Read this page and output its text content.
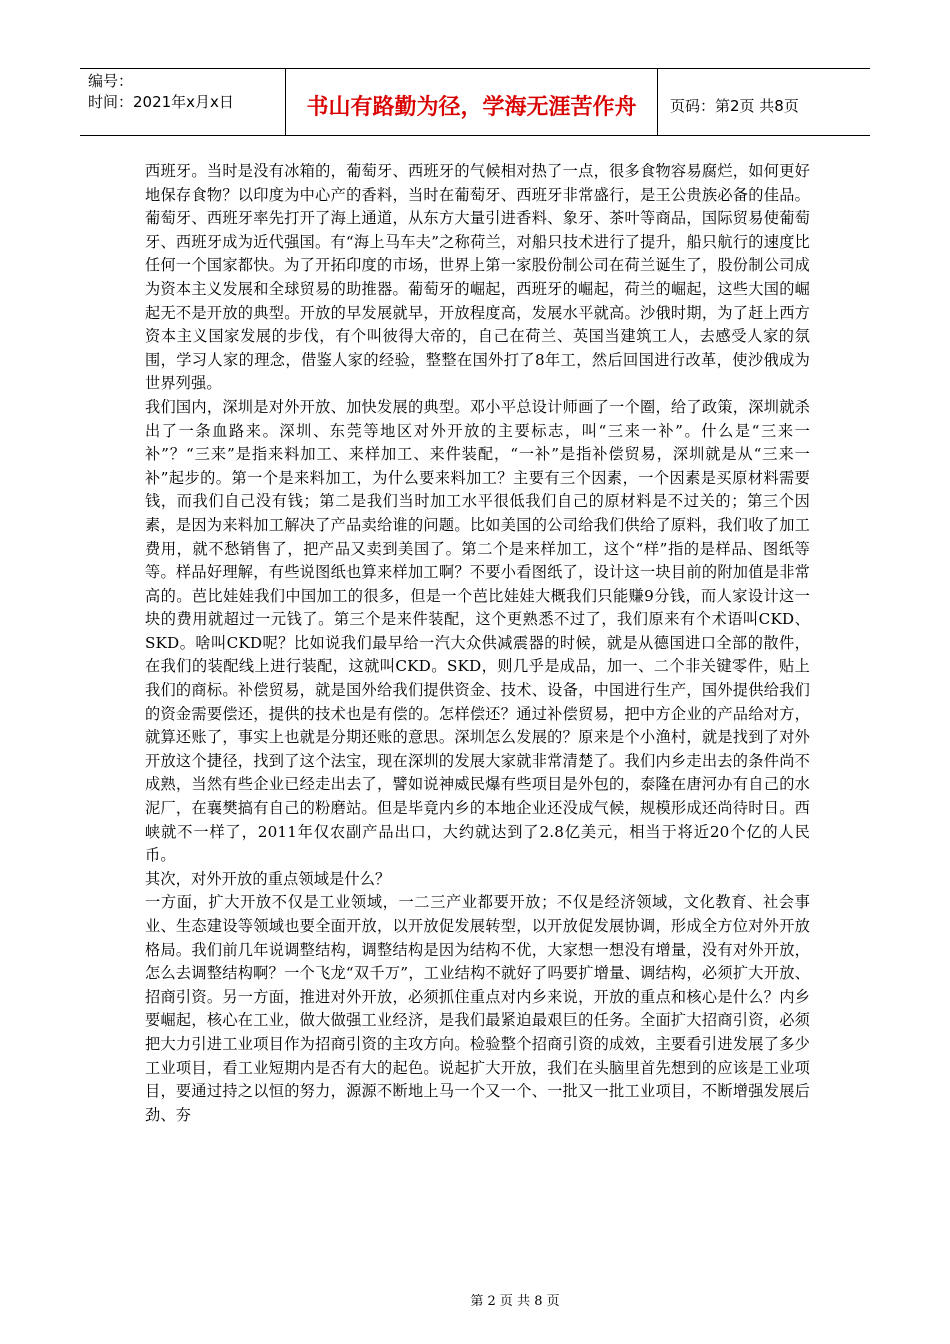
编号：
时间：2021年x月x日	书山有路勤为径，学海无涯苦作舟	页码：第2页 共8页

西班牙。当时是没有冰箱的，葡萄牙、西班牙的气候相对热了一点，很多食物容易腐烂，如何更好地保存食物？以印度为中心产的香料，当时在葡萄牙、西班牙非常盛行，是王公贵族必备的佳品。葡萄牙、西班牙率先打开了海上通道，从东方大量引进香料、象牙、茶叶等商品，国际贸易使葡萄牙、西班牙成为近代强国。有“海上马车夫”之称荷兰，对船只技术进行了提升，船只航行的速度比任何一个国家都快。为了开拓印度的市场，世界上第一家股份制公司在荷兰诞生了，股份制公司成为资本主义发展和全球贸易的助推器。葡萄牙的崛起，西班牙的崛起，荷兰的崛起，这些大国的崛起无不是开放的典型。开放的早发展就早，开放程度高，发展水平就高。沙俄时期，为了赶上西方资本主义国家发展的步伐，有个叫彼得大帝的，自己在荷兰、英国当建筑工人，去感受人家的氛围，学习人家的理念，借鉴人家的经验，整整在国外打了8年工，然后回国进行改革，使沙俄成为世界列强。

我们国内，深圳是对外开放、加快发展的典型。邓小平总设计师画了一个圈，给了政策，深圳就杀出了一条血路来。深圳、东莞等地区对外开放的主要标志，叫“三来一补”。什么是“三来一补”？“三来”是指来料加工、来样加工、来件装配，“一补”是指补偿贸易，深圳就是从“三来一补”起步的。第一个是来料加工，为什么要来料加工？主要有三个因素，一个因素是买原材料需要钱，而我们自己没有钱；第二是我们当时加工水平很低我们自己的原材料是不过关的；第三个因素，是因为来料加工解决了产品卖给谁的问题。比如美国的公司给我们供给了原料，我们收了加工费用，就不愁销售了，把产品又卖到美国了。第二个是来样加工，这个“样”指的是样品、图纸等等。样品好理解，有些说图纸也算来样加工啊？不要小看图纸了，设计这一块目前的附加值是非常高的。芭比娃娃我们中国加工的很多，但是一个芭比娃娃大概我们只能赚9分钱，而人家设计这一块的费用就超过一元钱了。第三个是来件装配，这个更熟悉不过了，我们原来有个术语叫CKD、SKD。啥叫CKD呢？比如说我们最早给一汽大众供减震器的时候，就是从德国进口全部的散件，在我们的装配线上进行装配，这就叫CKD。SKD，则几乎是成品，加一、二个非关键零件，贴上我们的商标。补偿贸易，就是国外给我们提供资金、技术、设备，中国进行生产，国外提供给我们的资金需要偿还，提供的技术也是有偿的。怎样偿还？通过补偿贸易，把中方企业的产品给对方，就算还账了，事实上也就是分期还账的意思。深圳怎么发展的？原来是个小渔村，就是找到了对外开放这个捷径，找到了这个法宝，现在深圳的发展大家就非常清楚了。我们内乡走出去的条件尚不成熟，当然有些企业已经走出去了，譬如说神威民爆有些项目是外包的，泰隆在唐河办有自己的水泥厂，在襄樊搞有自己的粉磨站。但是毕竟内乡的本地企业还没成气候，规模形成还尚待时日。西峡就不一样了，2011年仅农副产品出口，大约就达到了2.8亿美元，相当于将近20个亿的人民币。

其次，对外开放的重点领域是什么？

一方面，扩大开放不仅是工业领域，一二三产业都要开放；不仅是经济领域，文化教育、社会事业、生态建设等领域也要全面开放，以开放促发展转型，以开放促发展协调，形成全方位对外开放格局。我们前几年说调整结构，调整结构是因为结构不优，大家想一想没有增量，没有对外开放，怎么去调整结构啊？一个飞龙“双千万”，工业结构不就好了吗要扩增量、调结构，必须扩大开放、招商引资。另一方面，推进对外开放，必须抓住重点对内乡来说，开放的重点和核心是什么？内乡要崛起，核心在工业，做大做强工业经济，是我们最紧迫最艰巨的任务。全面扩大招商引资，必须把大力引进工业项目作为招商引资的主攻方向。检验整个招商引资的成效，主要看引进发展了多少工业项目，看工业短期内是否有大的起色。说起扩大开放，我们在头脑里首先想到的应该是工业项目，要通过持之以恒的努力，源源不断地上马一个又一个、一批又一批工业项目，不断增强发展后劲、夯

第 2 页 共 8 页
